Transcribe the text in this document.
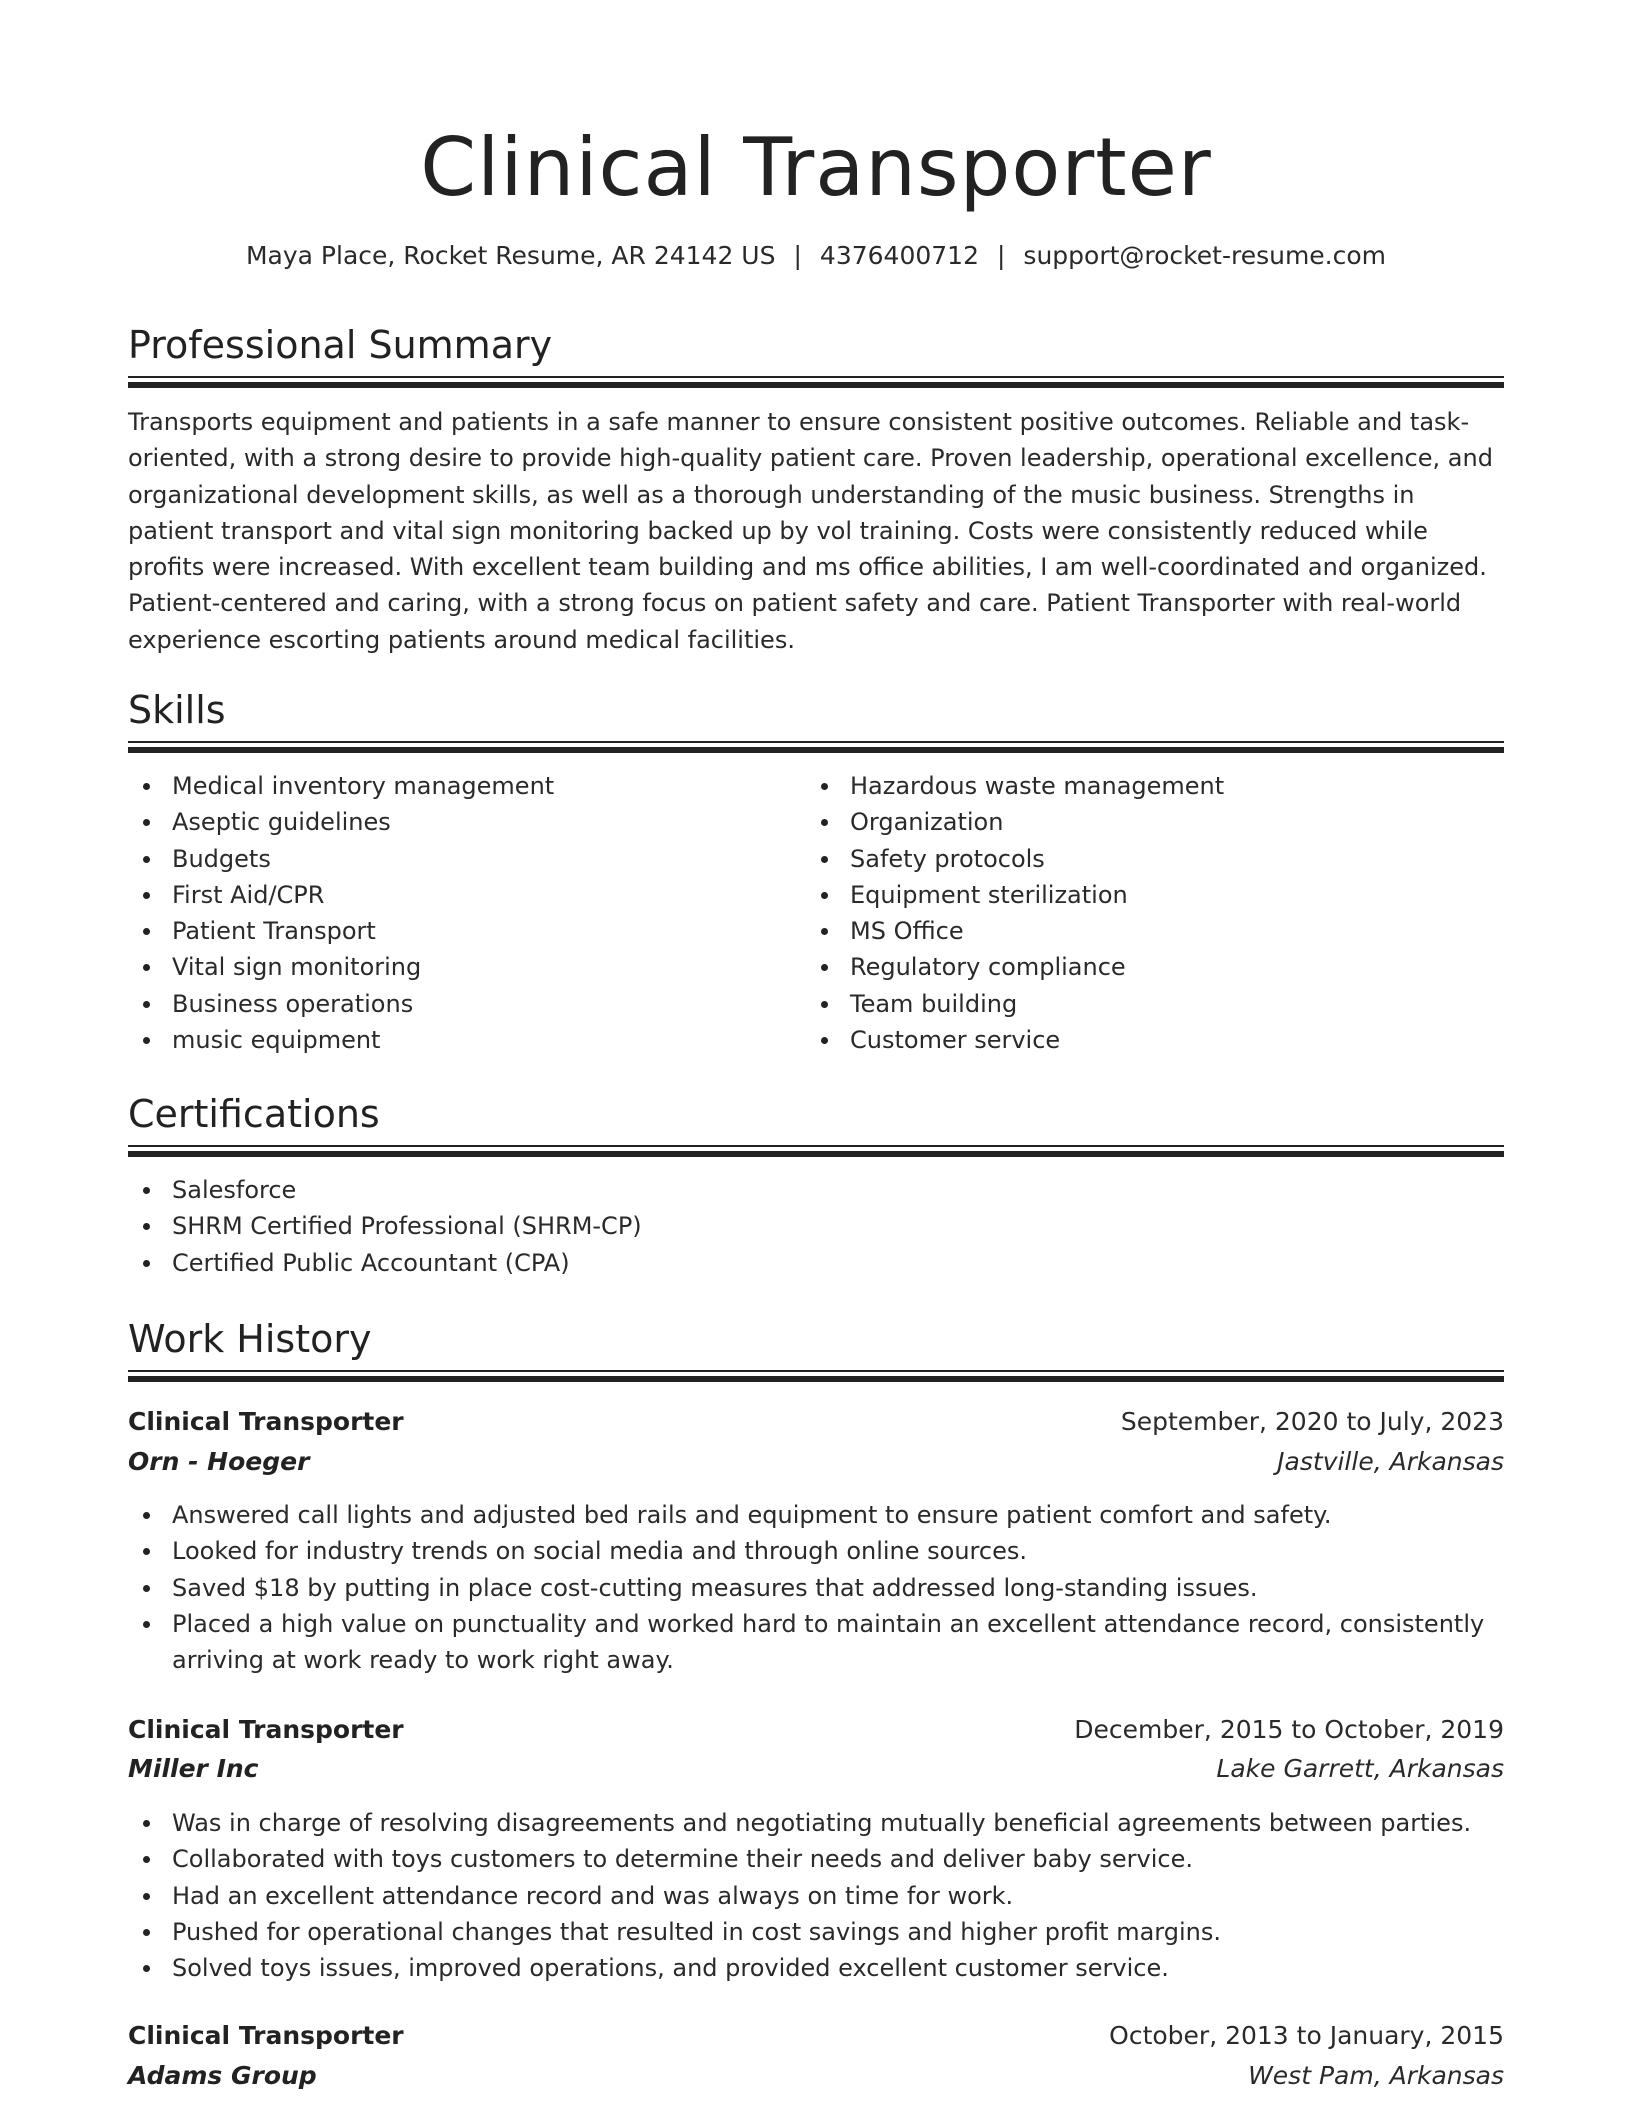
Clinical Transporter
Maya Place, Rocket Resume, AR 24142 US | 4376400712 | support@rocket-resume.com
Professional Summary

Transports equipment and patients in a safe manner to ensure consistent positive outcomes. Reliable and task-oriented, with a strong desire to provide high-quality patient care. Proven leadership, operational excellence, and organizational development skills, as well as a thorough understanding of the music business. Strengths in patient transport and vital sign monitoring backed up by vol training. Costs were consistently reduced while profits were increased. With excellent team building and ms office abilities, I am well-coordinated and organized. Patient-centered and caring, with a strong focus on patient safety and care. Patient Transporter with real-world experience escorting patients around medical facilities.

Skills
Medical inventory management
Aseptic guidelines
Budgets
First Aid/CPR
Patient Transport
Vital sign monitoring
Business operations
music equipment
Hazardous waste management
Organization
Safety protocols
Equipment sterilization
MS Office
Regulatory compliance
Team building
Customer service
Certifications
Salesforce
SHRM Certified Professional (SHRM-CP)
Certified Public Accountant (CPA)
Work History
Clinical Transporter	September, 2020 to July, 2023
Orn - Hoeger	Jastville, Arkansas
Answered call lights and adjusted bed rails and equipment to ensure patient comfort and safety.
Looked for industry trends on social media and through online sources.
Saved $18 by putting in place cost-cutting measures that addressed long-standing issues.
Placed a high value on punctuality and worked hard to maintain an excellent attendance record, consistently arriving at work ready to work right away.
Clinical Transporter	December, 2015 to October, 2019
Miller Inc	Lake Garrett, Arkansas
Was in charge of resolving disagreements and negotiating mutually beneficial agreements between parties.
Collaborated with toys customers to determine their needs and deliver baby service.
Had an excellent attendance record and was always on time for work.
Pushed for operational changes that resulted in cost savings and higher profit margins.
Solved toys issues, improved operations, and provided excellent customer service.
Clinical Transporter	October, 2013 to January, 2015
Adams Group	West Pam, Arkansas
